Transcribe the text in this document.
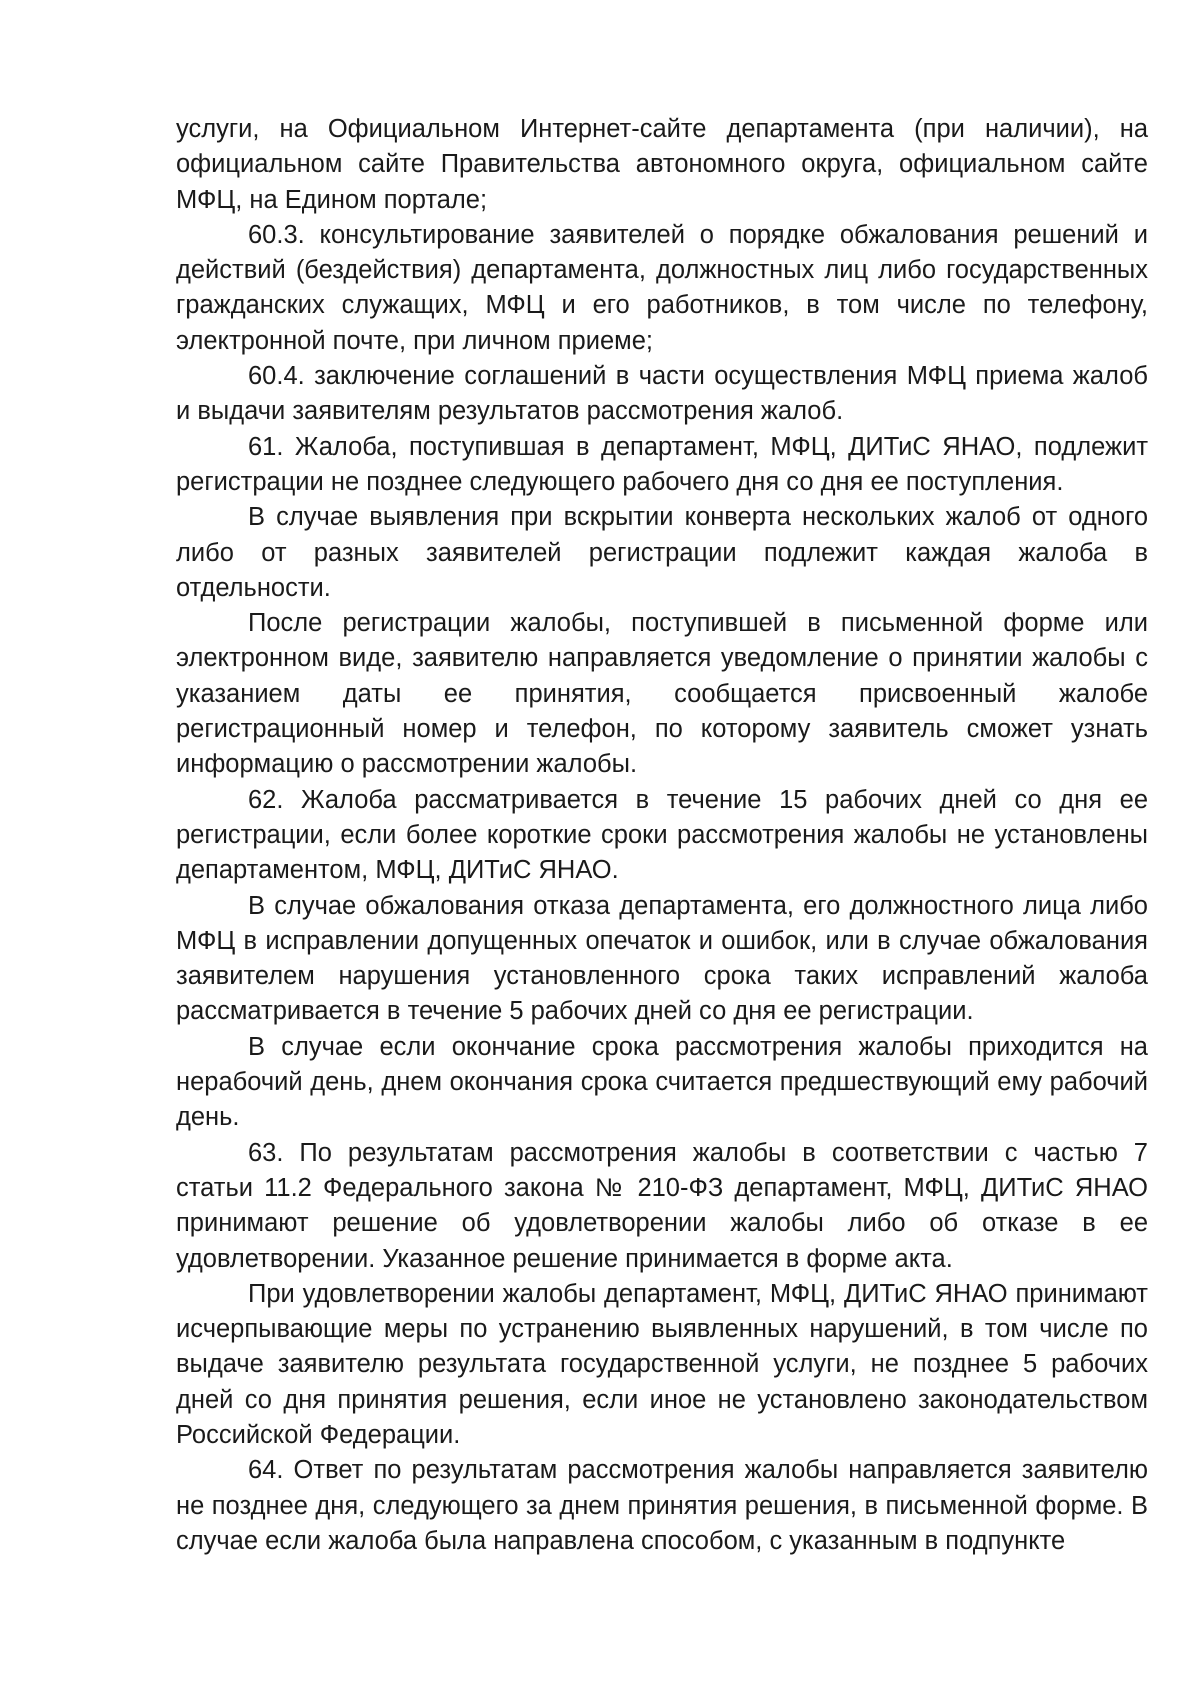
услуги, на Официальном Интернет-сайте департамента (при наличии), на официальном сайте Правительства автономного округа, официальном сайте МФЦ, на Едином портале;

60.3. консультирование заявителей о порядке обжалования решений и действий (бездействия) департамента, должностных лиц либо государственных гражданских служащих, МФЦ и его работников, в том числе по телефону, электронной почте, при личном приеме;

60.4. заключение соглашений в части осуществления МФЦ приема жалоб и выдачи заявителям результатов рассмотрения жалоб.

61. Жалоба, поступившая в департамент, МФЦ, ДИТиС ЯНАО, подлежит регистрации не позднее следующего рабочего дня со дня ее поступления.

В случае выявления при вскрытии конверта нескольких жалоб от одного либо от разных заявителей регистрации подлежит каждая жалоба в отдельности.

После регистрации жалобы, поступившей в письменной форме или электронном виде, заявителю направляется уведомление о принятии жалобы с указанием даты ее принятия, сообщается присвоенный жалобе регистрационный номер и телефон, по которому заявитель сможет узнать информацию о рассмотрении жалобы.

62. Жалоба рассматривается в течение 15 рабочих дней со дня ее регистрации, если более короткие сроки рассмотрения жалобы не установлены департаментом, МФЦ, ДИТиС ЯНАО.

В случае обжалования отказа департамента, его должностного лица либо МФЦ в исправлении допущенных опечаток и ошибок, или в случае обжалования заявителем нарушения установленного срока таких исправлений жалоба рассматривается в течение 5 рабочих дней со дня ее регистрации.

В случае если окончание срока рассмотрения жалобы приходится на нерабочий день, днем окончания срока считается предшествующий ему рабочий день.

63. По результатам рассмотрения жалобы в соответствии с частью 7 статьи 11.2 Федерального закона № 210-ФЗ департамент, МФЦ, ДИТиС ЯНАО принимают решение об удовлетворении жалобы либо об отказе в ее удовлетворении. Указанное решение принимается в форме акта.

При удовлетворении жалобы департамент, МФЦ, ДИТиС ЯНАО принимают исчерпывающие меры по устранению выявленных нарушений, в том числе по выдаче заявителю результата государственной услуги, не позднее 5 рабочих дней со дня принятия решения, если иное не установлено законодательством Российской Федерации.

64. Ответ по результатам рассмотрения жалобы направляется заявителю не позднее дня, следующего за днем принятия решения, в письменной форме. В случае если жалоба была направлена способом, с указанным в подпункте
